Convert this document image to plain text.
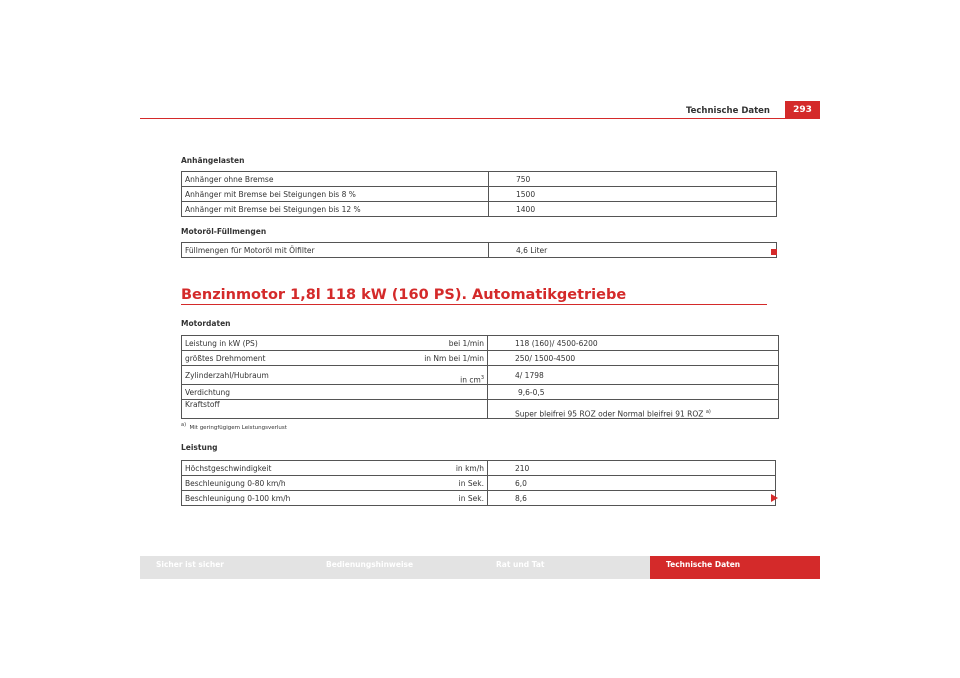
Technische Daten	293
Anhängelasten
Anhänger ohne Bremse	750
Anhänger mit Bremse bei Steigungen bis 8 %	1500
Anhänger mit Bremse bei Steigungen bis 12 %	1400
Motoröl-Füllmengen
Füllmengen für Motoröl mit Ölfilter	4,6 Liter
Benzinmotor 1,8l 118 kW (160 PS). Automatikgetriebe
Motordaten
Leistung in kW (PS)	bei 1/min	118 (160)/ 4500-6200
größtes Drehmoment	in Nm bei 1/min	250/ 1500-4500
Zylinderzahl/Hubraum	in $cm^3$	4/ 1798
Verdichtung		9,6-0,5
Kraftstoff		Super bleifrei 95 ROZ oder Normal bleifrei 91 ROZ $^{a)}$
$^{a)}$ Mit geringfügigem Leistungsverlust
Leistung
Höchstgeschwindigkeit	in km/h	210
Beschleunigung 0-80 km/h	in Sek.	6,0
Beschleunigung 0-100 km/h	in Sek.	8,6
Sicher ist sicher	Bedienungshinweise	Rat und Tat	Technische Daten
